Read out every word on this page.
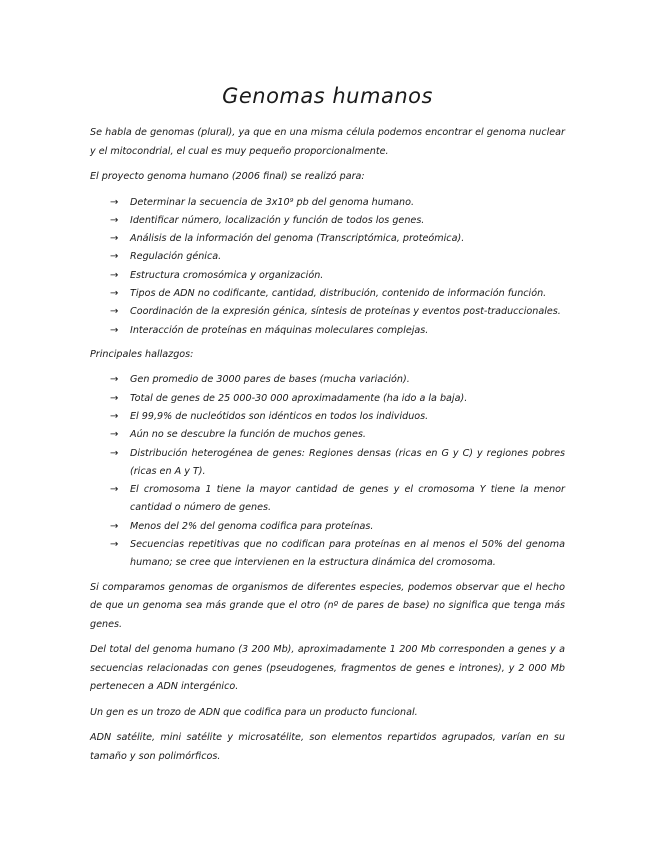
Genomas humanos

Se habla de genomas (plural), ya que en una misma célula podemos encontrar el genoma nuclear y el mitocondrial, el cual es muy pequeño proporcionalmente.

El proyecto genoma humano (2006 final) se realizó para:

→ Determinar la secuencia de 3x10⁹ pb del genoma humano.
→ Identificar número, localización y función de todos los genes.
→ Análisis de la información del genoma (Transcriptómica, proteómica).
→ Regulación génica.
→ Estructura cromosómica y organización.
→ Tipos de ADN no codificante, cantidad, distribución, contenido de información función.
→ Coordinación de la expresión génica, síntesis de proteínas y eventos post-traduccionales.
→ Interacción de proteínas en máquinas moleculares complejas.

Principales hallazgos:

→ Gen promedio de 3000 pares de bases (mucha variación).
→ Total de genes de 25 000-30 000 aproximadamente (ha ido a la baja).
→ El 99,9% de nucleótidos son idénticos en todos los individuos.
→ Aún no se descubre la función de muchos genes.
→ Distribución heterogénea de genes: Regiones densas (ricas en G y C) y regiones pobres (ricas en A y T).
→ El cromosoma 1 tiene la mayor cantidad de genes y el cromosoma Y tiene la menor cantidad o número de genes.
→ Menos del 2% del genoma codifica para proteínas.
→ Secuencias repetitivas que no codifican para proteínas en al menos el 50% del genoma humano; se cree que intervienen en la estructura dinámica del cromosoma.

Si comparamos genomas de organismos de diferentes especies, podemos observar que el hecho de que un genoma sea más grande que el otro (nº de pares de base) no significa que tenga más genes.

Del total del genoma humano (3 200 Mb), aproximadamente 1 200 Mb corresponden a genes y a secuencias relacionadas con genes (pseudogenes, fragmentos de genes e intrones), y 2 000 Mb pertenecen a ADN intergénico.

Un gen es un trozo de ADN que codifica para un producto funcional.

ADN satélite, mini satélite y microsatélite, son elementos repartidos agrupados, varían en su tamaño y son polimórficos.
